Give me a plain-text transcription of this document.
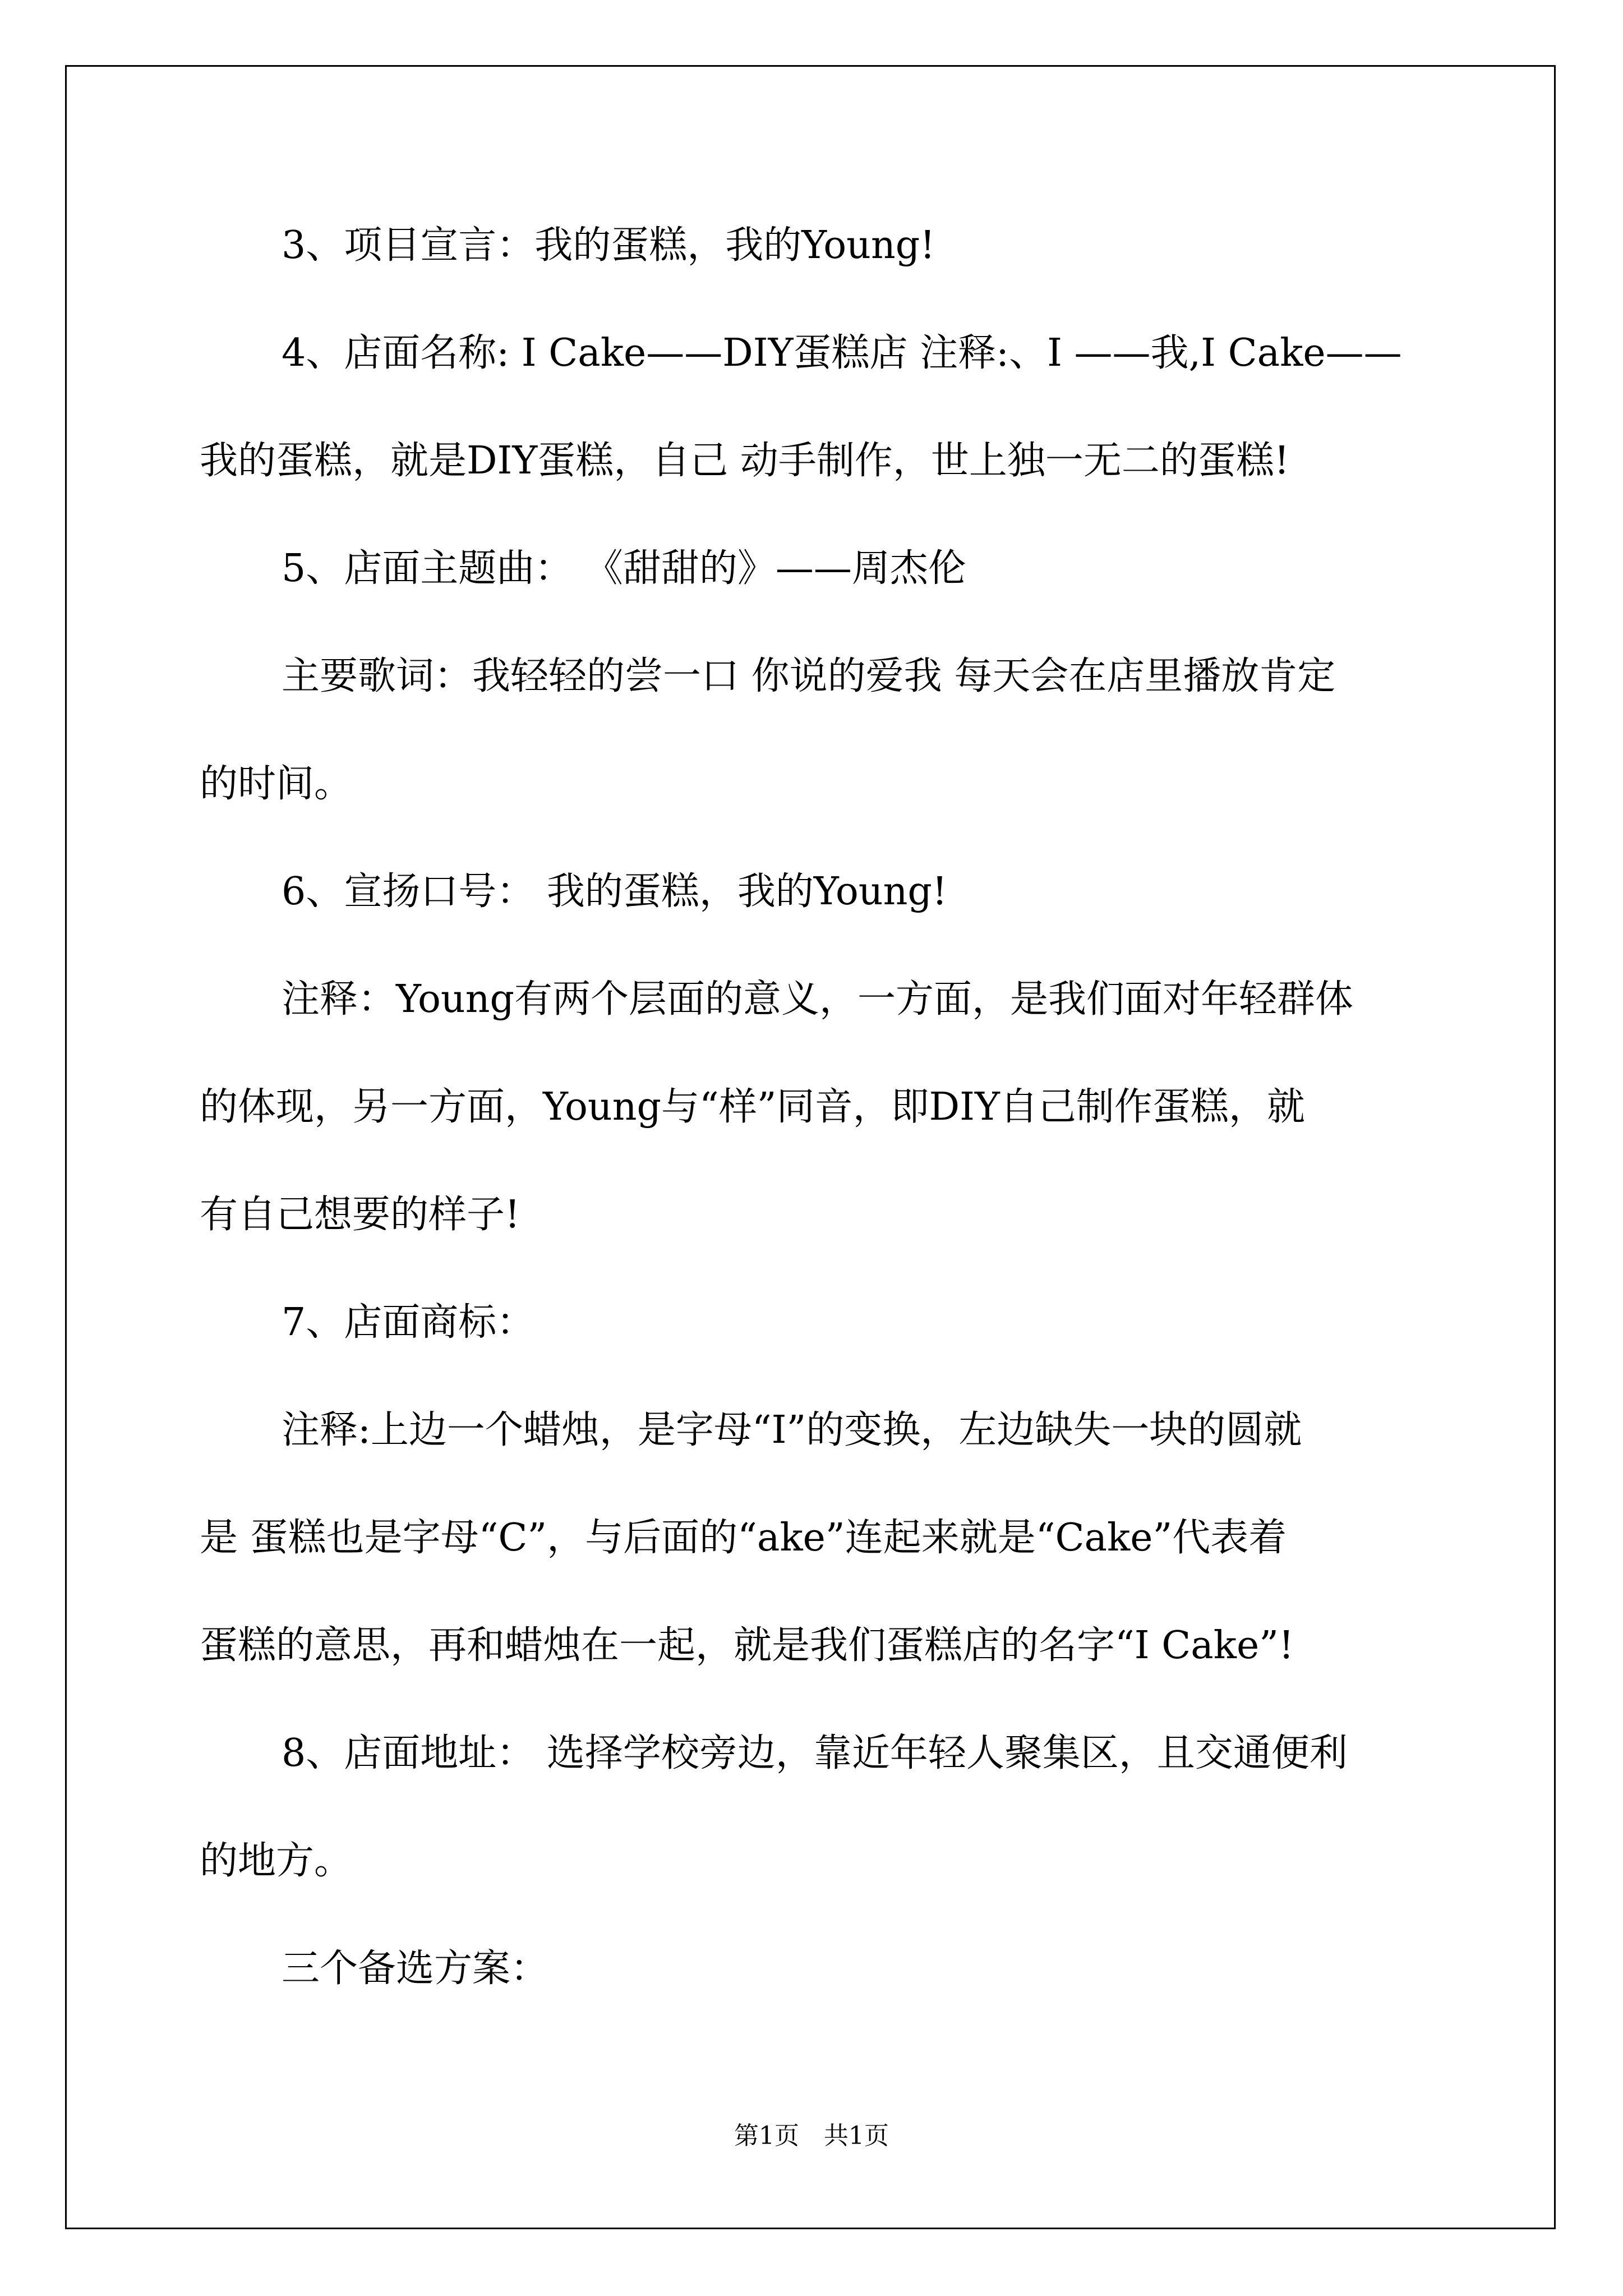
3、项目宣言：我的蛋糕，我的Young!

4、店面名称: I Cake——DIY蛋糕店 注释:、I ——我,I Cake——

我的蛋糕，就是DIY蛋糕，自己 动手制作，世上独一无二的蛋糕!

5、店面主题曲： 《甜甜的》——周杰伦

主要歌词：我轻轻的尝一口 你说的爱我 每天会在店里播放肯定

的时间。

6、宣扬口号： 我的蛋糕，我的Young!

注释：Young有两个层面的意义，一方面，是我们面对年轻群体

的体现，另一方面，Young与“样”同音，即DIY自己制作蛋糕，就

有自己想要的样子!

7、店面商标：

注释:上边一个蜡烛，是字母“I”的变换，左边缺失一块的圆就

是 蛋糕也是字母“C”，与后面的“ake”连起来就是“Cake”代表着

蛋糕的意思，再和蜡烛在一起，就是我们蛋糕店的名字“I Cake”!

8、店面地址： 选择学校旁边，靠近年轻人聚集区，且交通便利

的地方。

三个备选方案：

第1页　共1页
